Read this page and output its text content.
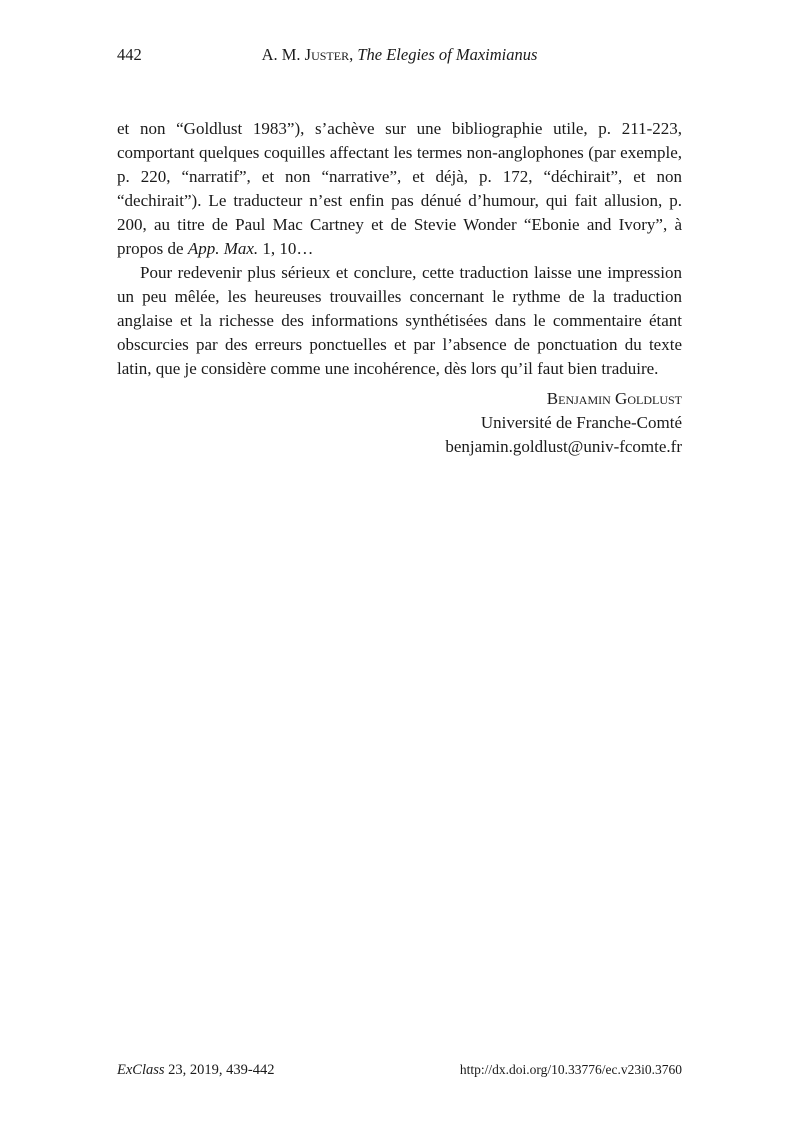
442	A. M. Juster, The Elegies of Maximianus

et non “Goldlust 1983”), s’achève sur une bibliographie utile, p. 211-223, comportant quelques coquilles affectant les termes non-anglophones (par exemple, p. 220, “narratif”, et non “narrative”, et déjà, p. 172, “déchirait”, et non “dechirait”). Le traducteur n’est enfin pas dénué d’humour, qui fait allusion, p. 200, au titre de Paul Mac Cartney et de Stevie Wonder “Ebonie and Ivory”, à propos de App. Max. 1, 10…

Pour redevenir plus sérieux et conclure, cette traduction laisse une impression un peu mêlée, les heureuses trouvailles concernant le rythme de la traduction anglaise et la richesse des informations synthétisées dans le commentaire étant obscurcies par des erreurs ponctuelles et par l’absence de ponctuation du texte latin, que je considère comme une incohérence, dès lors qu’il faut bien traduire.

Benjamin Goldlust
Université de Franche-Comté
benjamin.goldlust@univ-fcomte.fr
ExClass 23, 2019, 439-442	http://dx.doi.org/10.33776/ec.v23i0.3760
